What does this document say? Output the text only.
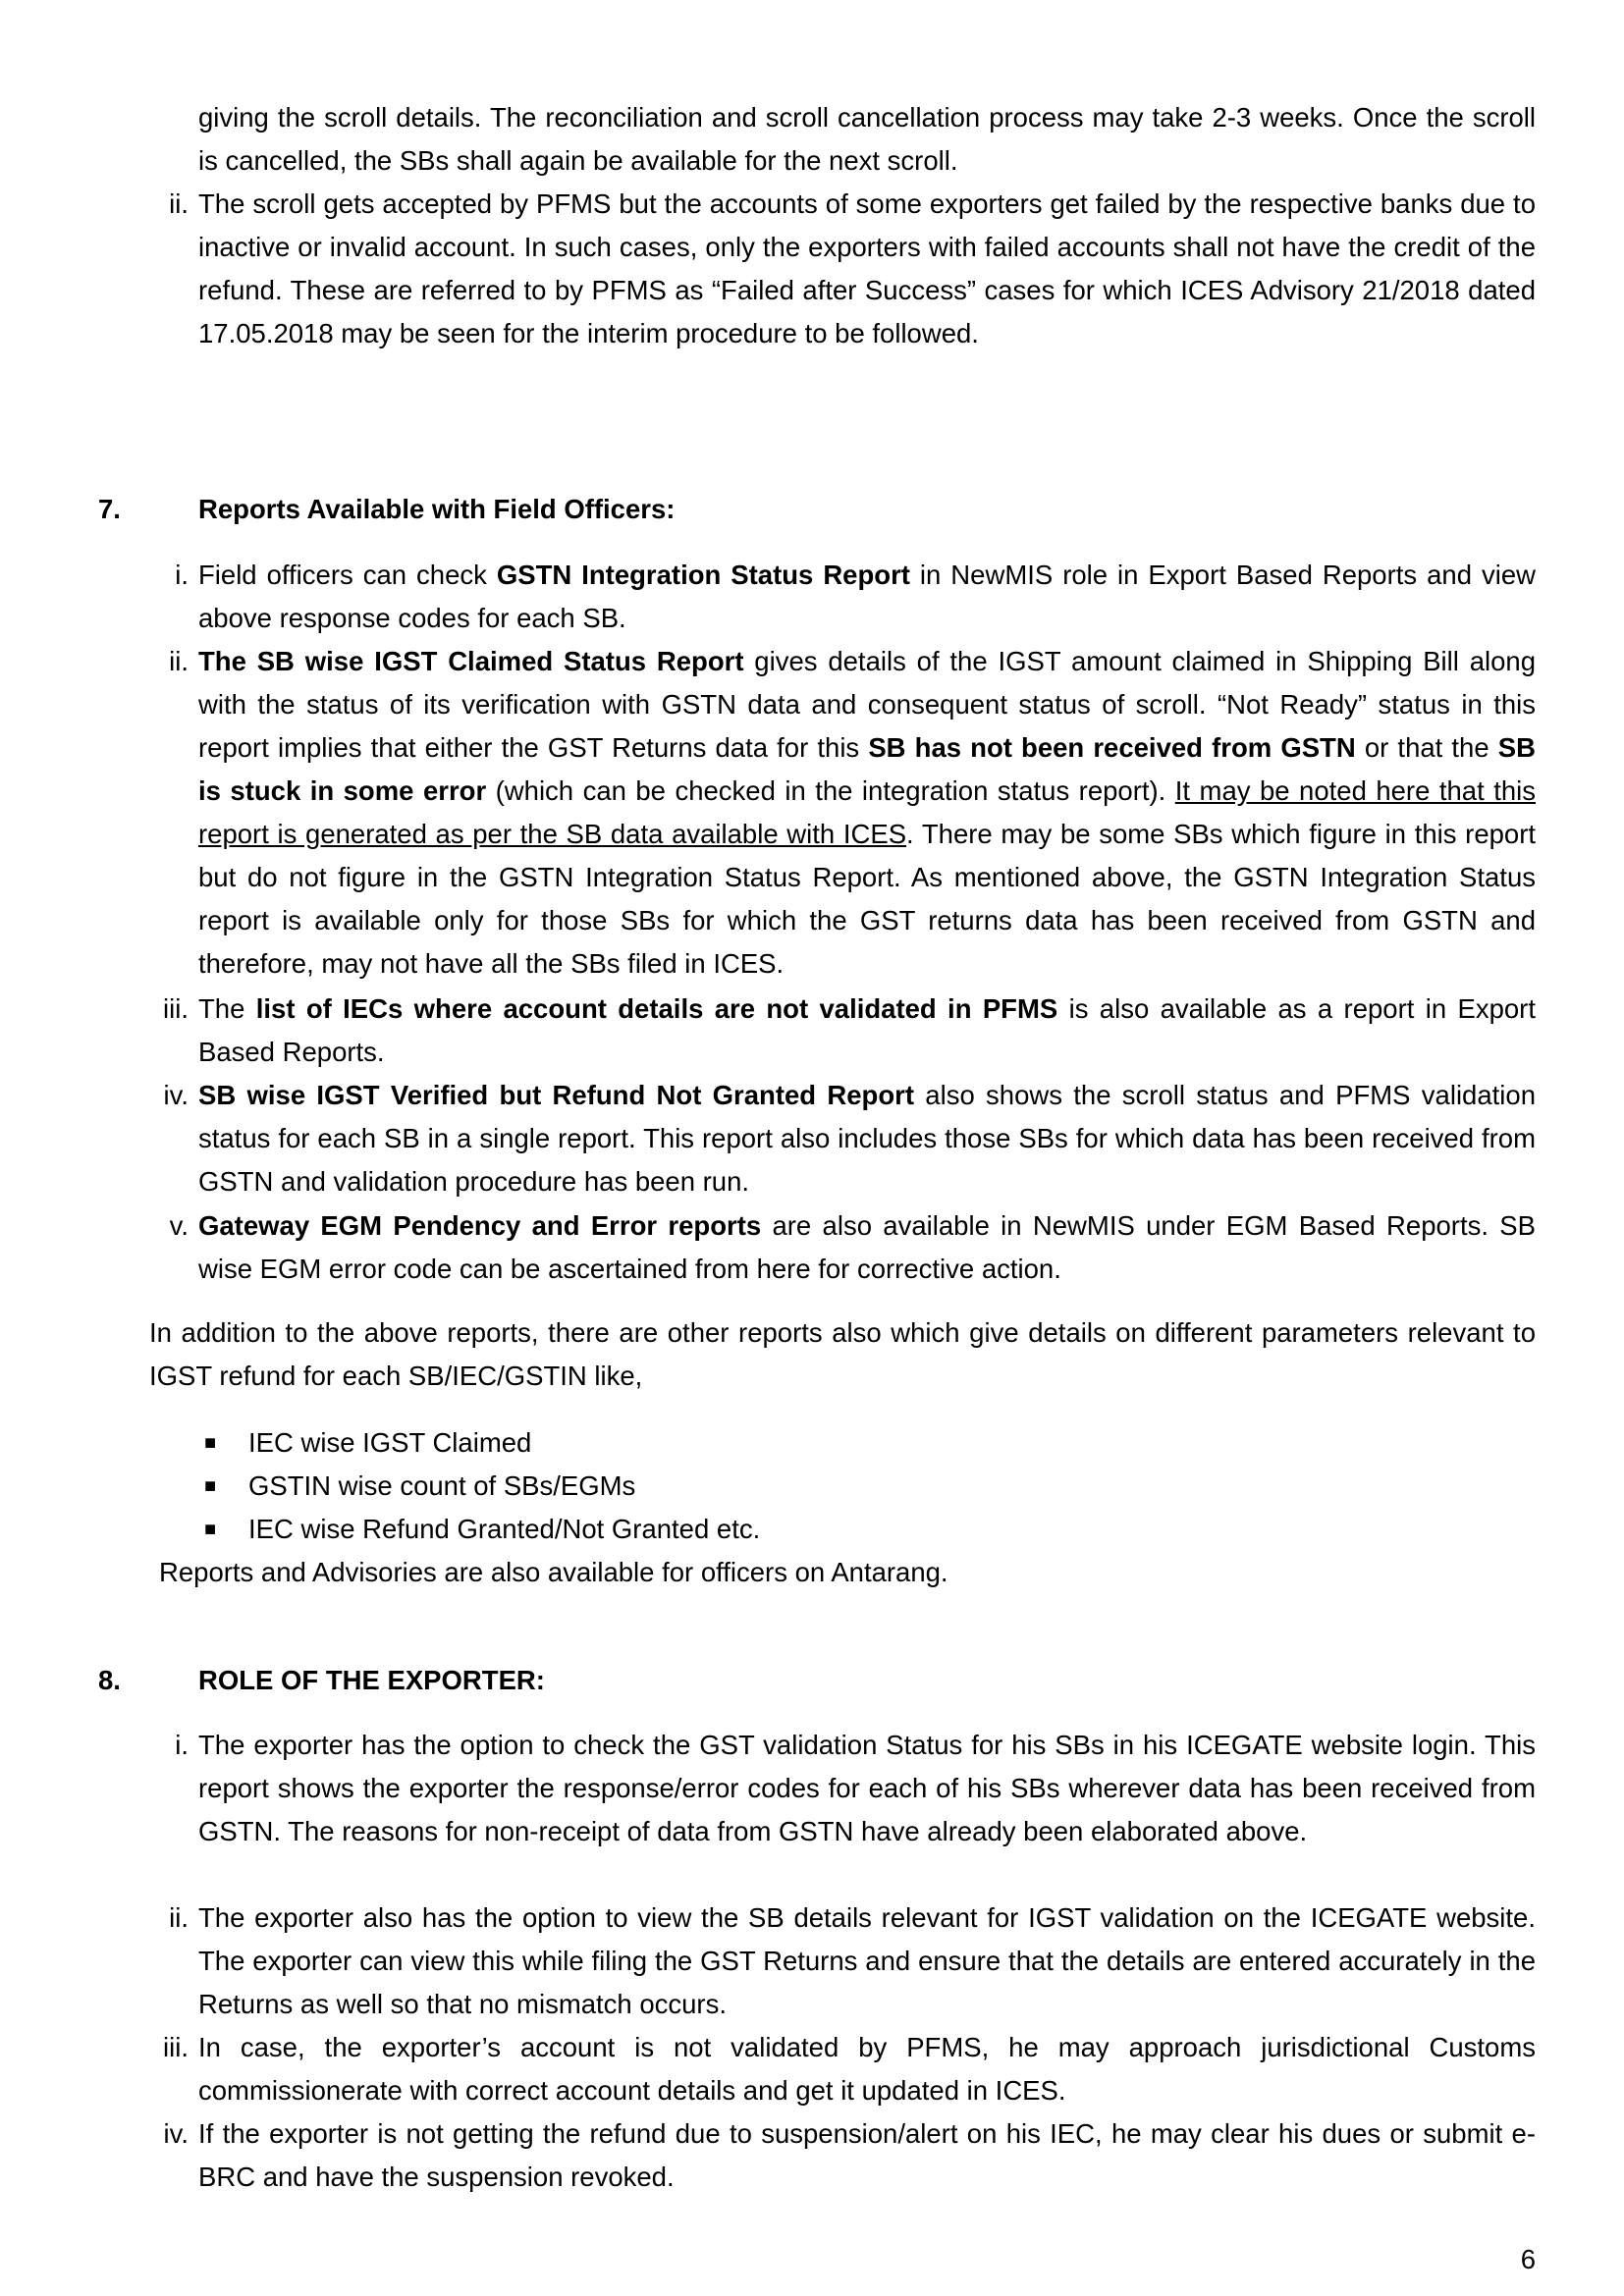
giving the scroll details. The reconciliation and scroll cancellation process may take 2-3 weeks. Once the scroll is cancelled, the SBs shall again be available for the next scroll.
ii. The scroll gets accepted by PFMS but the accounts of some exporters get failed by the respective banks due to inactive or invalid account. In such cases, only the exporters with failed accounts shall not have the credit of the refund. These are referred to by PFMS as “Failed after Success” cases for which ICES Advisory 21/2018 dated 17.05.2018 may be seen for the interim procedure to be followed.
7.	Reports Available with Field Officers:
i. Field officers can check GSTN Integration Status Report in NewMIS role in Export Based Reports and view above response codes for each SB.
ii. The SB wise IGST Claimed Status Report gives details of the IGST amount claimed in Shipping Bill along with the status of its verification with GSTN data and consequent status of scroll. “Not Ready” status in this report implies that either the GST Returns data for this SB has not been received from GSTN or that the SB is stuck in some error (which can be checked in the integration status report). It may be noted here that this report is generated as per the SB data available with ICES. There may be some SBs which figure in this report but do not figure in the GSTN Integration Status Report. As mentioned above, the GSTN Integration Status report is available only for those SBs for which the GST returns data has been received from GSTN and therefore, may not have all the SBs filed in ICES.
iii. The list of IECs where account details are not validated in PFMS is also available as a report in Export Based Reports.
iv. SB wise IGST Verified but Refund Not Granted Report also shows the scroll status and PFMS validation status for each SB in a single report. This report also includes those SBs for which data has been received from GSTN and validation procedure has been run.
v. Gateway EGM Pendency and Error reports are also available in NewMIS under EGM Based Reports. SB wise EGM error code can be ascertained from here for corrective action.
In addition to the above reports, there are other reports also which give details on different parameters relevant to IGST refund for each SB/IEC/GSTIN like,
■ IEC wise IGST Claimed
■ GSTIN wise count of SBs/EGMs
■ IEC wise Refund Granted/Not Granted etc.
Reports and Advisories are also available for officers on Antarang.
8.	ROLE OF THE EXPORTER:
i. The exporter has the option to check the GST validation Status for his SBs in his ICEGATE website login. This report shows the exporter the response/error codes for each of his SBs wherever data has been received from GSTN. The reasons for non-receipt of data from GSTN have already been elaborated above.
ii. The exporter also has the option to view the SB details relevant for IGST validation on the ICEGATE website. The exporter can view this while filing the GST Returns and ensure that the details are entered accurately in the Returns as well so that no mismatch occurs.
iii. In case, the exporter’s account is not validated by PFMS, he may approach jurisdictional Customs commissionerate with correct account details and get it updated in ICES.
iv. If the exporter is not getting the refund due to suspension/alert on his IEC, he may clear his dues or submit e-BRC and have the suspension revoked.
6
